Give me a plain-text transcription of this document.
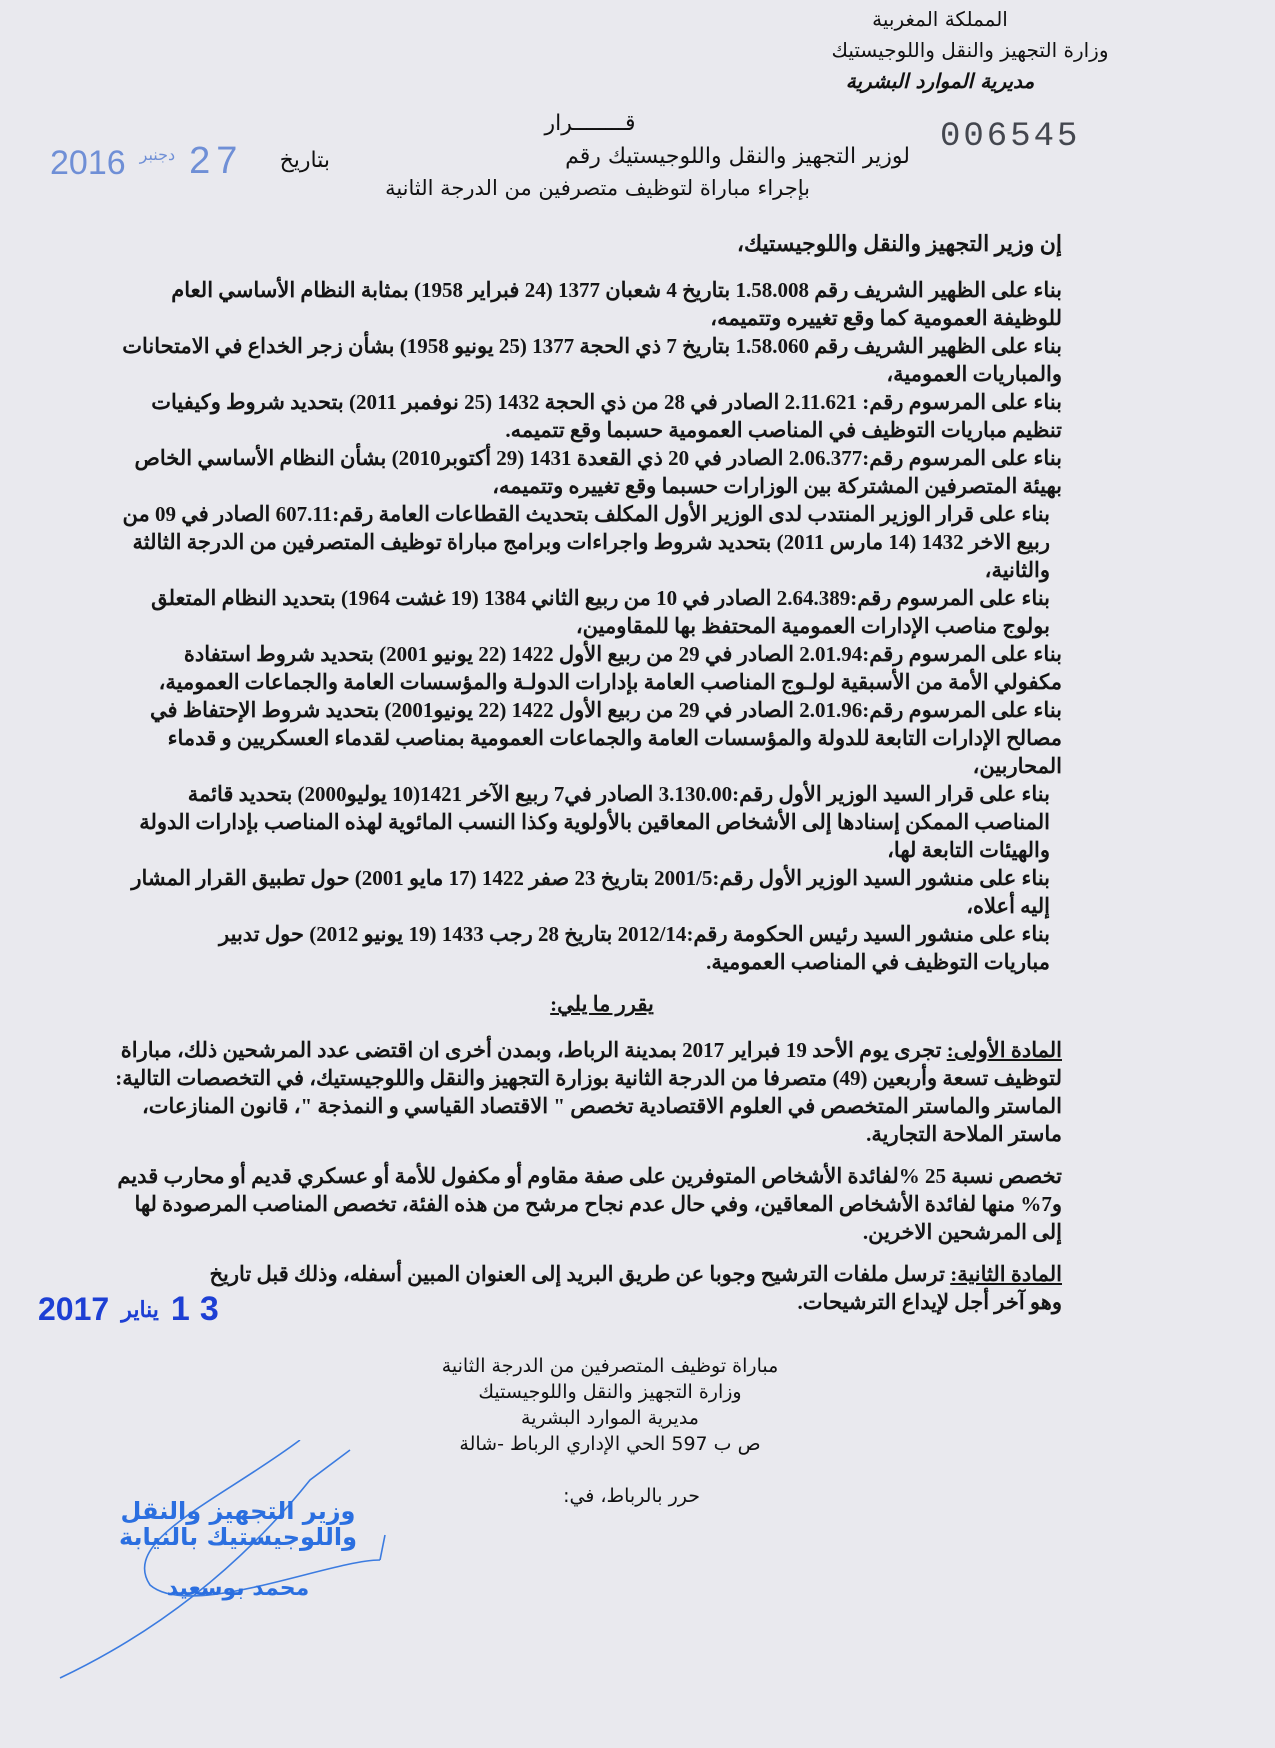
المملكة المغربية
وزارة التجهيز والنقل واللوجيستيك
مديرية الموارد البشرية
قــــــــرار	006545
لوزير التجهيز والنقل واللوجيستيك رقم
بتاريخ
2016 دجنبر 27
بإجراء مباراة لتوظيف متصرفين من الدرجة الثانية
إن وزير التجهيز والنقل واللوجيستيك،
بناء على الظهير الشريف رقم 1.58.008 بتاريخ 4 شعبان 1377 (24 فبراير 1958) بمثابة النظام الأساسي العام للوظيفة العمومية كما وقع تغييره وتتميمه،
بناء على الظهير الشريف رقم 1.58.060 بتاريخ 7 ذي الحجة 1377 (25 يونيو 1958) بشأن زجر الخداع في الامتحانات والمباريات العمومية،
بناء على المرسوم رقم: 2.11.621 الصادر في 28 من ذي الحجة 1432 (25 نوفمبر 2011) بتحديد شروط وكيفيات تنظيم مباريات التوظيف في المناصب العمومية حسبما وقع تتميمه.
بناء على المرسوم رقم:2.06.377 الصادر في 20 ذي القعدة 1431 (29 أكتوبر2010) بشأن النظام الأساسي الخاص بهيئة المتصرفين المشتركة بين الوزارات حسبما وقع تغييره وتتميمه،
بناء على قرار الوزير المنتدب لدى الوزير الأول المكلف بتحديث القطاعات العامة رقم:607.11 الصادر في 09 من ربيع الاخر 1432 (14 مارس 2011) بتحديد شروط واجراءات وبرامج مباراة توظيف المتصرفين من الدرجة الثالثة والثانية،
بناء على المرسوم رقم:2.64.389 الصادر في 10 من ربيع الثاني 1384 (19 غشت 1964) بتحديد النظام المتعلق بولوج مناصب الإدارات العمومية المحتفظ بها للمقاومين،
بناء على المرسوم رقم:2.01.94 الصادر في 29 من ربيع الأول 1422 (22 يونيو 2001) بتحديد شروط استفادة مكفولي الأمة من الأسبقية لولـوج المناصب العامة بإدارات الدولـة والمؤسسات العامة والجماعات العمومية،
بناء على المرسوم رقم:2.01.96 الصادر في 29 من ربيع الأول 1422 (22 يونيو2001) بتحديد شروط الإحتفاظ في مصالح الإدارات التابعة للدولة والمؤسسات العامة والجماعات العمومية بمناصب لقدماء العسكريين و قدماء المحاربين،
بناء على قرار السيد الوزير الأول رقم:3.130.00 الصادر في7 ربيع الآخر 1421(10 يوليو2000) بتحديد قائمة المناصب الممكن إسنادها إلى الأشخاص المعاقين بالأولوية وكذا النسب المائوية لهذه المناصب بإدارات الدولة والهيئات التابعة لها،
بناء على منشور السيد الوزير الأول رقم:2001/5 بتاريخ 23 صفر 1422 (17 مايو 2001) حول تطبيق القرار المشار إليه أعلاه،
بناء على منشور السيد رئيس الحكومة رقم:2012/14 بتاريخ 28 رجب 1433 (19 يونيو 2012) حول تدبير مباريات التوظيف في المناصب العمومية.
يقرر ما يلي:
المادة الأولى: تجرى يوم الأحد 19 فبراير 2017 بمدينة الرباط، وبمدن أخرى ان اقتضى عدد المرشحين ذلك، مباراة لتوظيف تسعة وأربعين (49) متصرفا من الدرجة الثانية بوزارة التجهيز والنقل واللوجيستيك، في التخصصات التالية: الماستر والماستر المتخصص في العلوم الاقتصادية تخصص " الاقتصاد القياسي و النمذجة "، قانون المنازعات، ماستر الملاحة التجارية.
تخصص نسبة 25 %لفائدة الأشخاص المتوفرين على صفة مقاوم أو مكفول للأمة أو عسكري قديم أو محارب قديم و7% منها لفائدة الأشخاص المعاقين، وفي حال عدم نجاح مرشح من هذه الفئة، تخصص المناصب المرصودة لها إلى المرشحين الاخرين.
المادة الثانية: ترسل ملفات الترشيح وجوبا عن طريق البريد إلى العنوان المبين أسفله، وذلك قبل تاريخ
وهو آخر أجل لإيداع الترشيحات.
2017 يناير 13
مباراة توظيف المتصرفين من الدرجة الثانية
وزارة التجهيز والنقل واللوجيستيك
مديرية الموارد البشرية
ص ب 597 الحي الإداري الرباط -شالة
حرر بالرباط، في:
وزير التجهيز والنقل
واللوجيستيك بالنيابة
محمد بوسعيد
